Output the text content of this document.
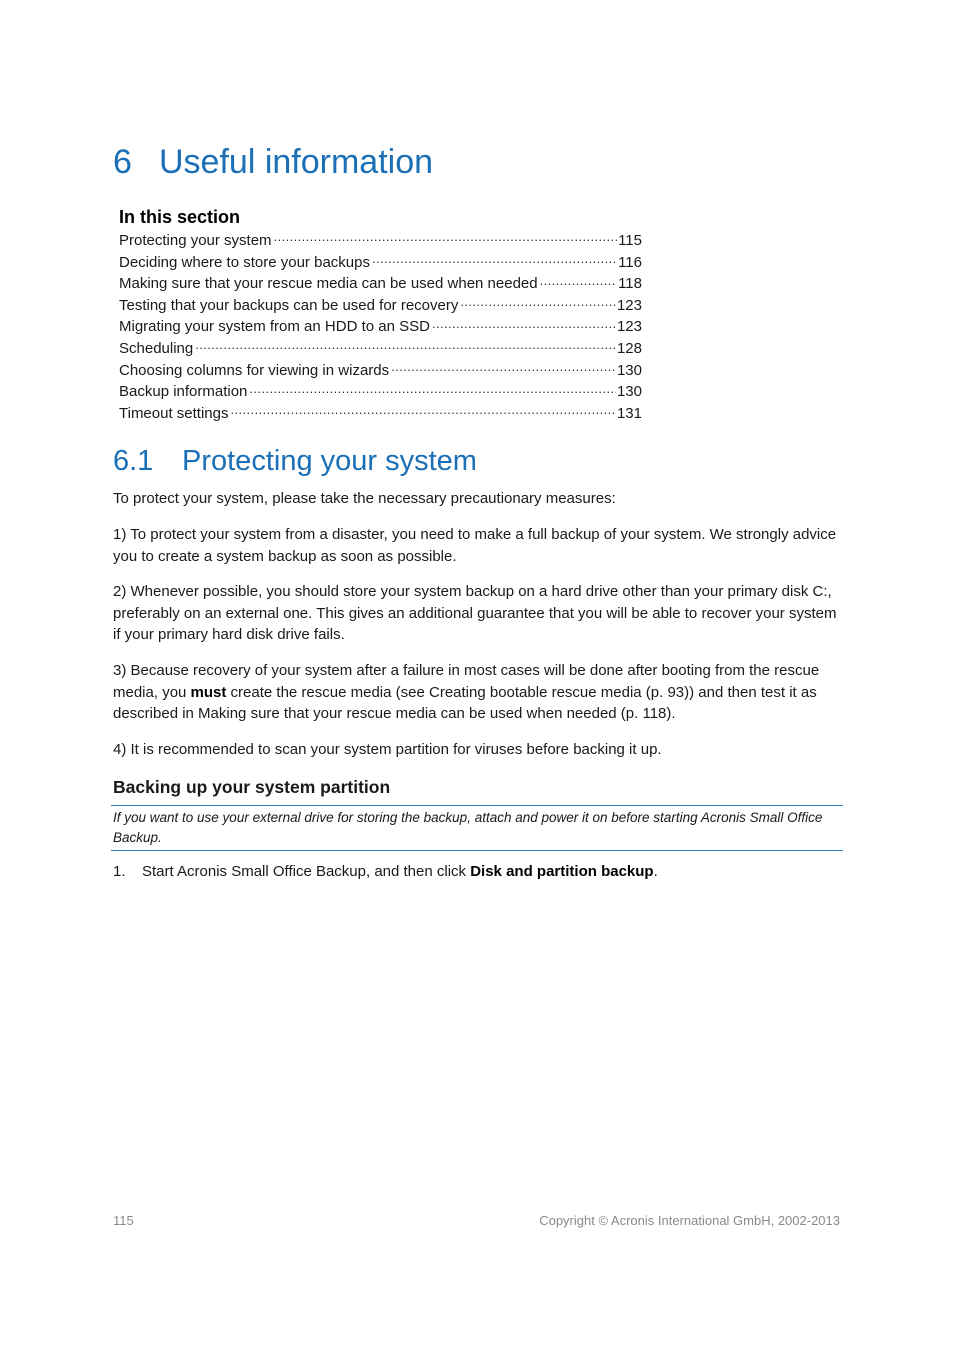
6 Useful information
In this section
Protecting your system .....	115
Deciding where to store your backups .....	116
Making sure that your rescue media can be used when needed .....	118
Testing that your backups can be used for recovery .....	123
Migrating your system from an HDD to an SSD .....	123
Scheduling .....	128
Choosing columns for viewing in wizards .....	130
Backup information .....	130
Timeout settings .....	131
6.1 Protecting your system

To protect your system, please take the necessary precautionary measures:

1) To protect your system from a disaster, you need to make a full backup of your system. We strongly advice you to create a system backup as soon as possible.

2) Whenever possible, you should store your system backup on a hard drive other than your primary disk C:, preferably on an external one. This gives an additional guarantee that you will be able to recover your system if your primary hard disk drive fails.

3) Because recovery of your system after a failure in most cases will be done after booting from the rescue media, you must create the rescue media (see Creating bootable rescue media (p. 93)) and then test it as described in Making sure that your rescue media can be used when needed (p. 118).

4) It is recommended to scan your system partition for viruses before backing it up.

Backing up your system partition

If you want to use your external drive for storing the backup, attach and power it on before starting Acronis Small Office Backup.

1. Start Acronis Small Office Backup, and then click Disk and partition backup.
115	Copyright © Acronis International GmbH, 2002-2013
